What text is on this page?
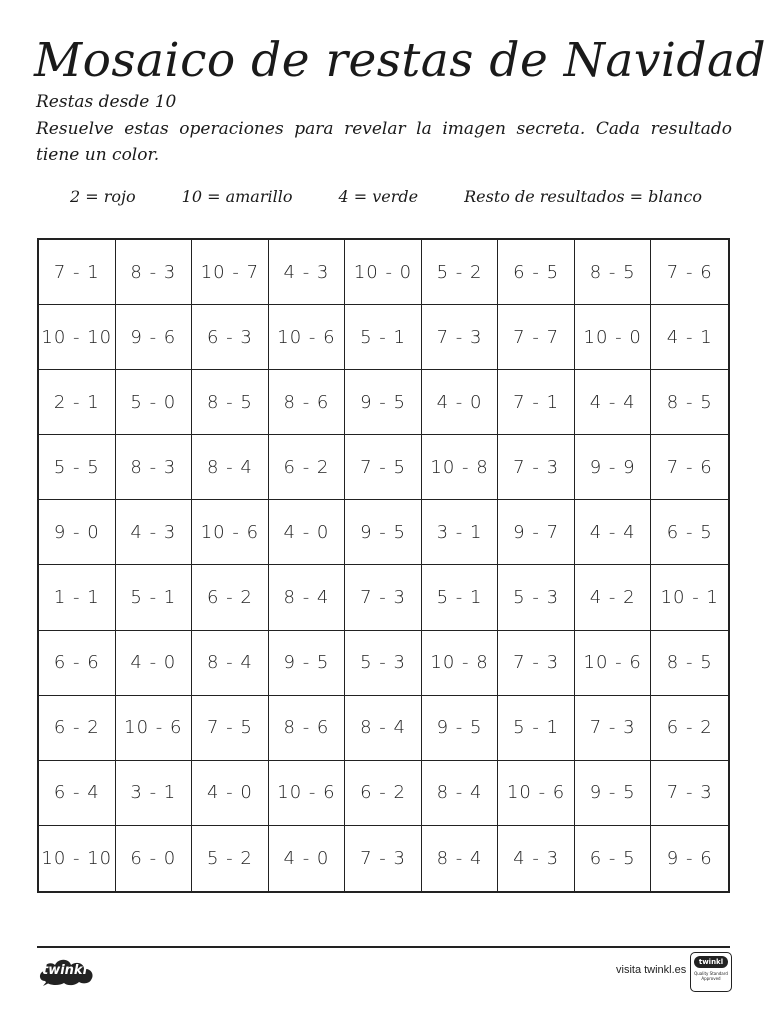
Mosaico de restas de Navidad
Restas desde 10
Resuelve estas operaciones para revelar la imagen secreta. Cada resultado tiene un color.
2 = rojo	10 = amarillo	4 = verde	Resto de resultados = blanco
7 - 1	8 - 3	10 - 7	4 - 3	10 - 0	5 - 2	6 - 5	8 - 5	7 - 6
10 - 10	9 - 6	6 - 3	10 - 6	5 - 1	7 - 3	7 - 7	10 - 0	4 - 1
2 - 1	5 - 0	8 - 5	8 - 6	9 - 5	4 - 0	7 - 1	4 - 4	8 - 5
5 - 5	8 - 3	8 - 4	6 - 2	7 - 5	10 - 8	7 - 3	9 - 9	7 - 6
9 - 0	4 - 3	10 - 6	4 - 0	9 - 5	3 - 1	9 - 7	4 - 4	6 - 5
1 - 1	5 - 1	6 - 2	8 - 4	7 - 3	5 - 1	5 - 3	4 - 2	10 - 1
6 - 6	4 - 0	8 - 4	9 - 5	5 - 3	10 - 8	7 - 3	10 - 6	8 - 5
6 - 2	10 - 6	7 - 5	8 - 6	8 - 4	9 - 5	5 - 1	7 - 3	6 - 2
6 - 4	3 - 1	4 - 0	10 - 6	6 - 2	8 - 4	10 - 6	9 - 5	7 - 3
10 - 10	6 - 0	5 - 2	4 - 0	7 - 3	8 - 4	4 - 3	6 - 5	9 - 6
twinkl	visita twinkl.es
twinkl
Quality Standard Approved
